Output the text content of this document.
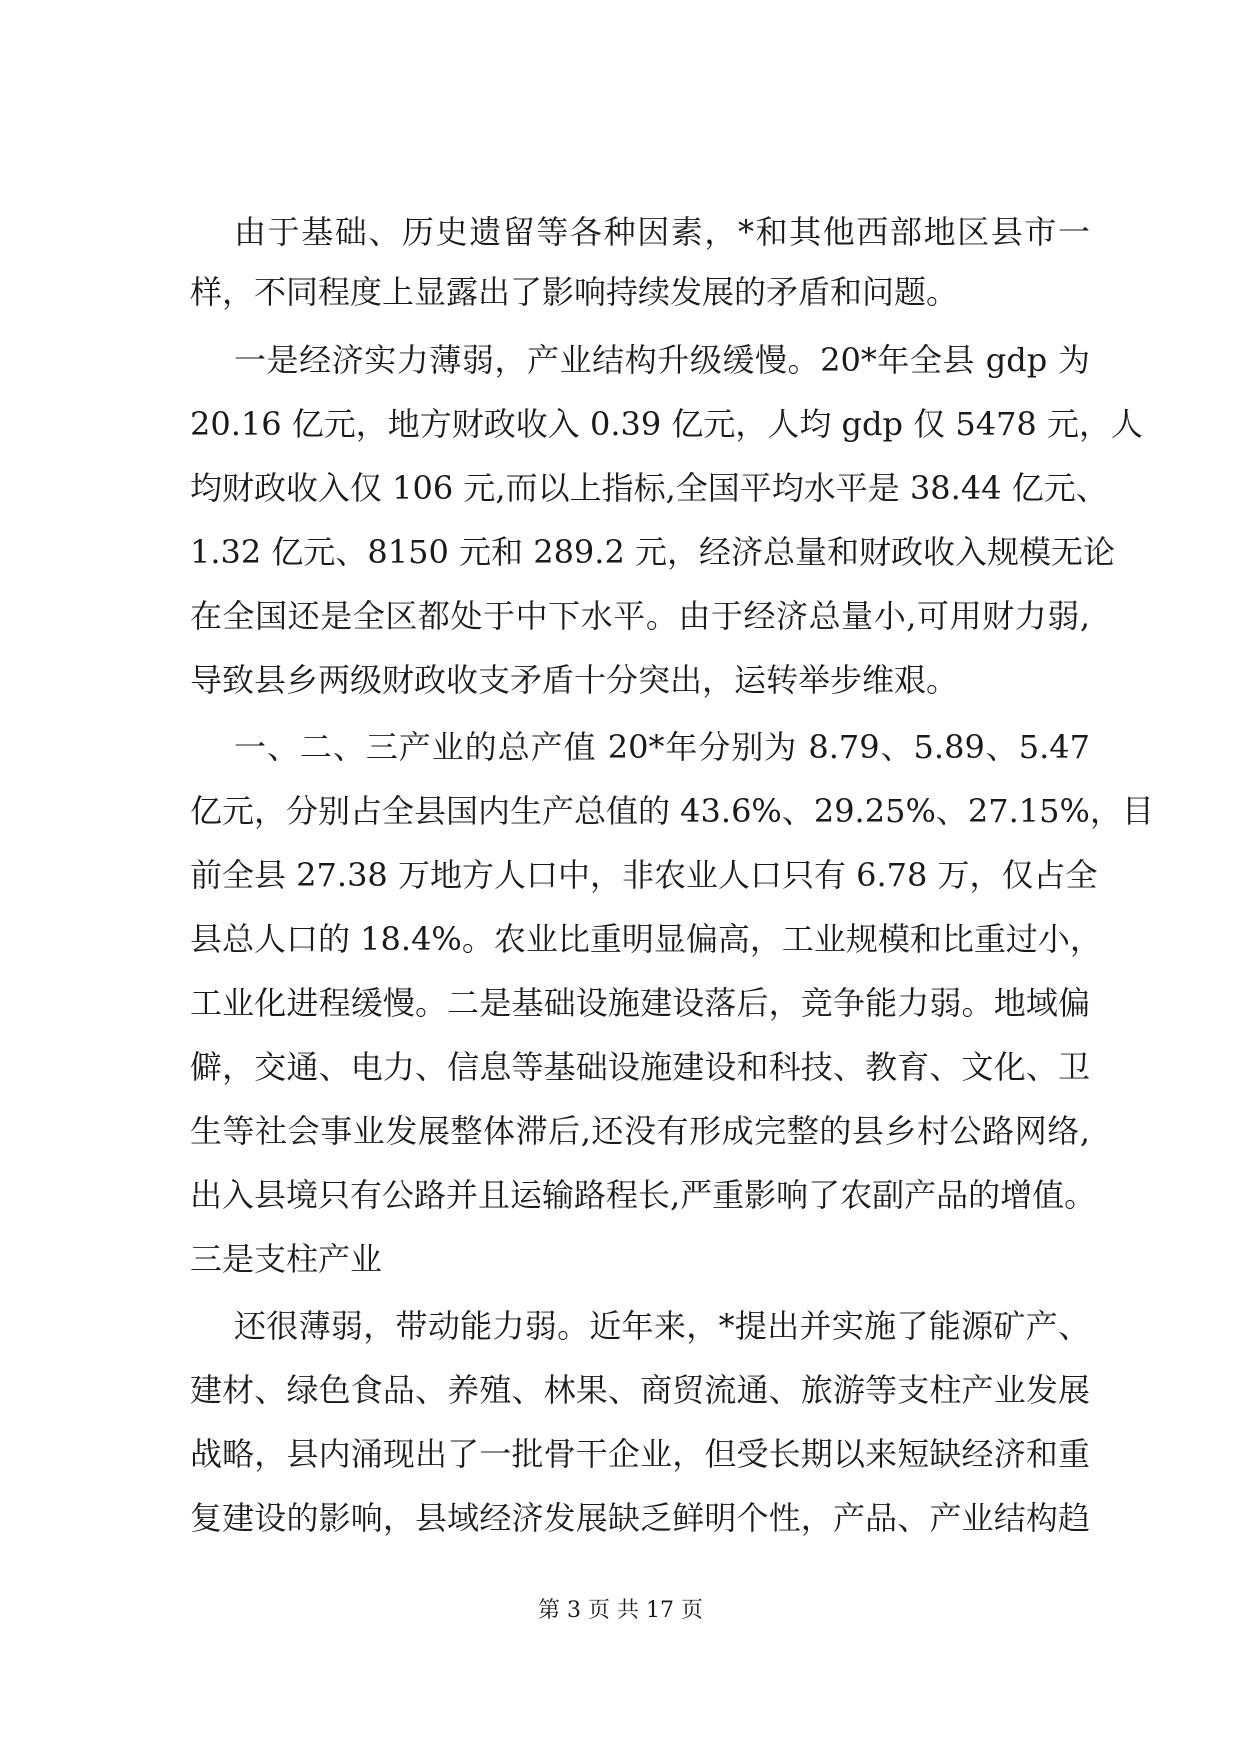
由于基础、历史遗留等各种因素，*和其他西部地区县市一
样，不同程度上显露出了影响持续发展的矛盾和问题。
一是经济实力薄弱，产业结构升级缓慢。20*年全县 gdp 为
20.16 亿元，地方财政收入 0.39 亿元，人均 gdp 仅 5478 元，人
均财政收入仅 106 元,而以上指标,全国平均水平是 38.44 亿元、
1.32 亿元、8150 元和 289.2 元，经济总量和财政收入规模无论
在全国还是全区都处于中下水平。由于经济总量小,可用财力弱,
导致县乡两级财政收支矛盾十分突出，运转举步维艰。
一、二、三产业的总产值 20*年分别为 8.79、5.89、5.47
亿元，分别占全县国内生产总值的 43.6%、29.25%、27.15%，目
前全县 27.38 万地方人口中，非农业人口只有 6.78 万，仅占全
县总人口的 18.4%。农业比重明显偏高，工业规模和比重过小，
工业化进程缓慢。二是基础设施建设落后，竞争能力弱。地域偏
僻，交通、电力、信息等基础设施建设和科技、教育、文化、卫
生等社会事业发展整体滞后,还没有形成完整的县乡村公路网络,
出入县境只有公路并且运输路程长,严重影响了农副产品的增值。
三是支柱产业
还很薄弱，带动能力弱。近年来，*提出并实施了能源矿产、
建材、绿色食品、养殖、林果、商贸流通、旅游等支柱产业发展
战略，县内涌现出了一批骨干企业，但受长期以来短缺经济和重
复建设的影响，县域经济发展缺乏鲜明个性，产品、产业结构趋
第 3 页 共 17 页
